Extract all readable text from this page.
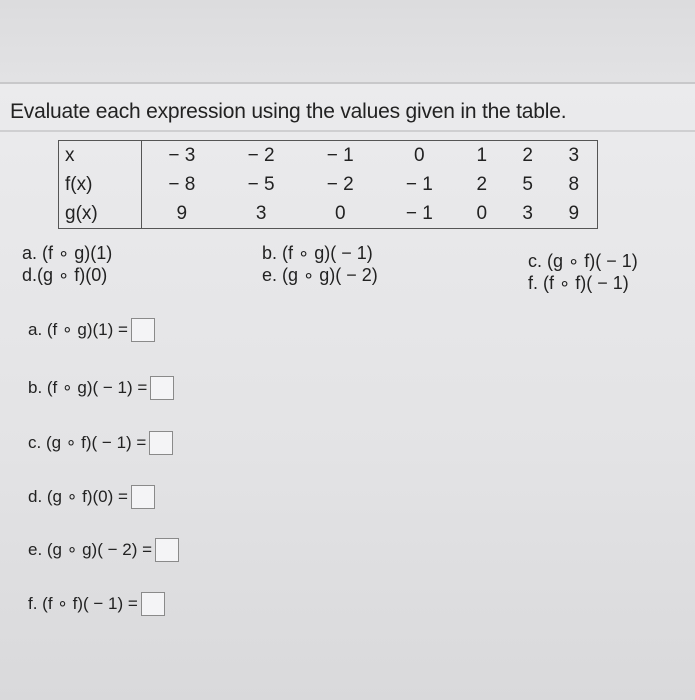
Evaluate each expression using the values given in the table.
x	− 3	− 2	− 1	0	1	2	3
f(x)	− 8	− 5	− 2	− 1	2	5	8
g(x)	9	3	0	− 1	0	3	9
a. (f ∘ g)(1)
d.(g ∘ f)(0)
b. (f ∘ g)( − 1)
e. (g ∘ g)( − 2)
c. (g ∘ f)( − 1)
f. (f ∘ f)( − 1)
a. (f ∘ g)(1) =
b. (f ∘ g)( − 1) =
c. (g ∘ f)( − 1) =
d. (g ∘ f)(0) =
e. (g ∘ g)( − 2) =
f. (f ∘ f)( − 1) =
